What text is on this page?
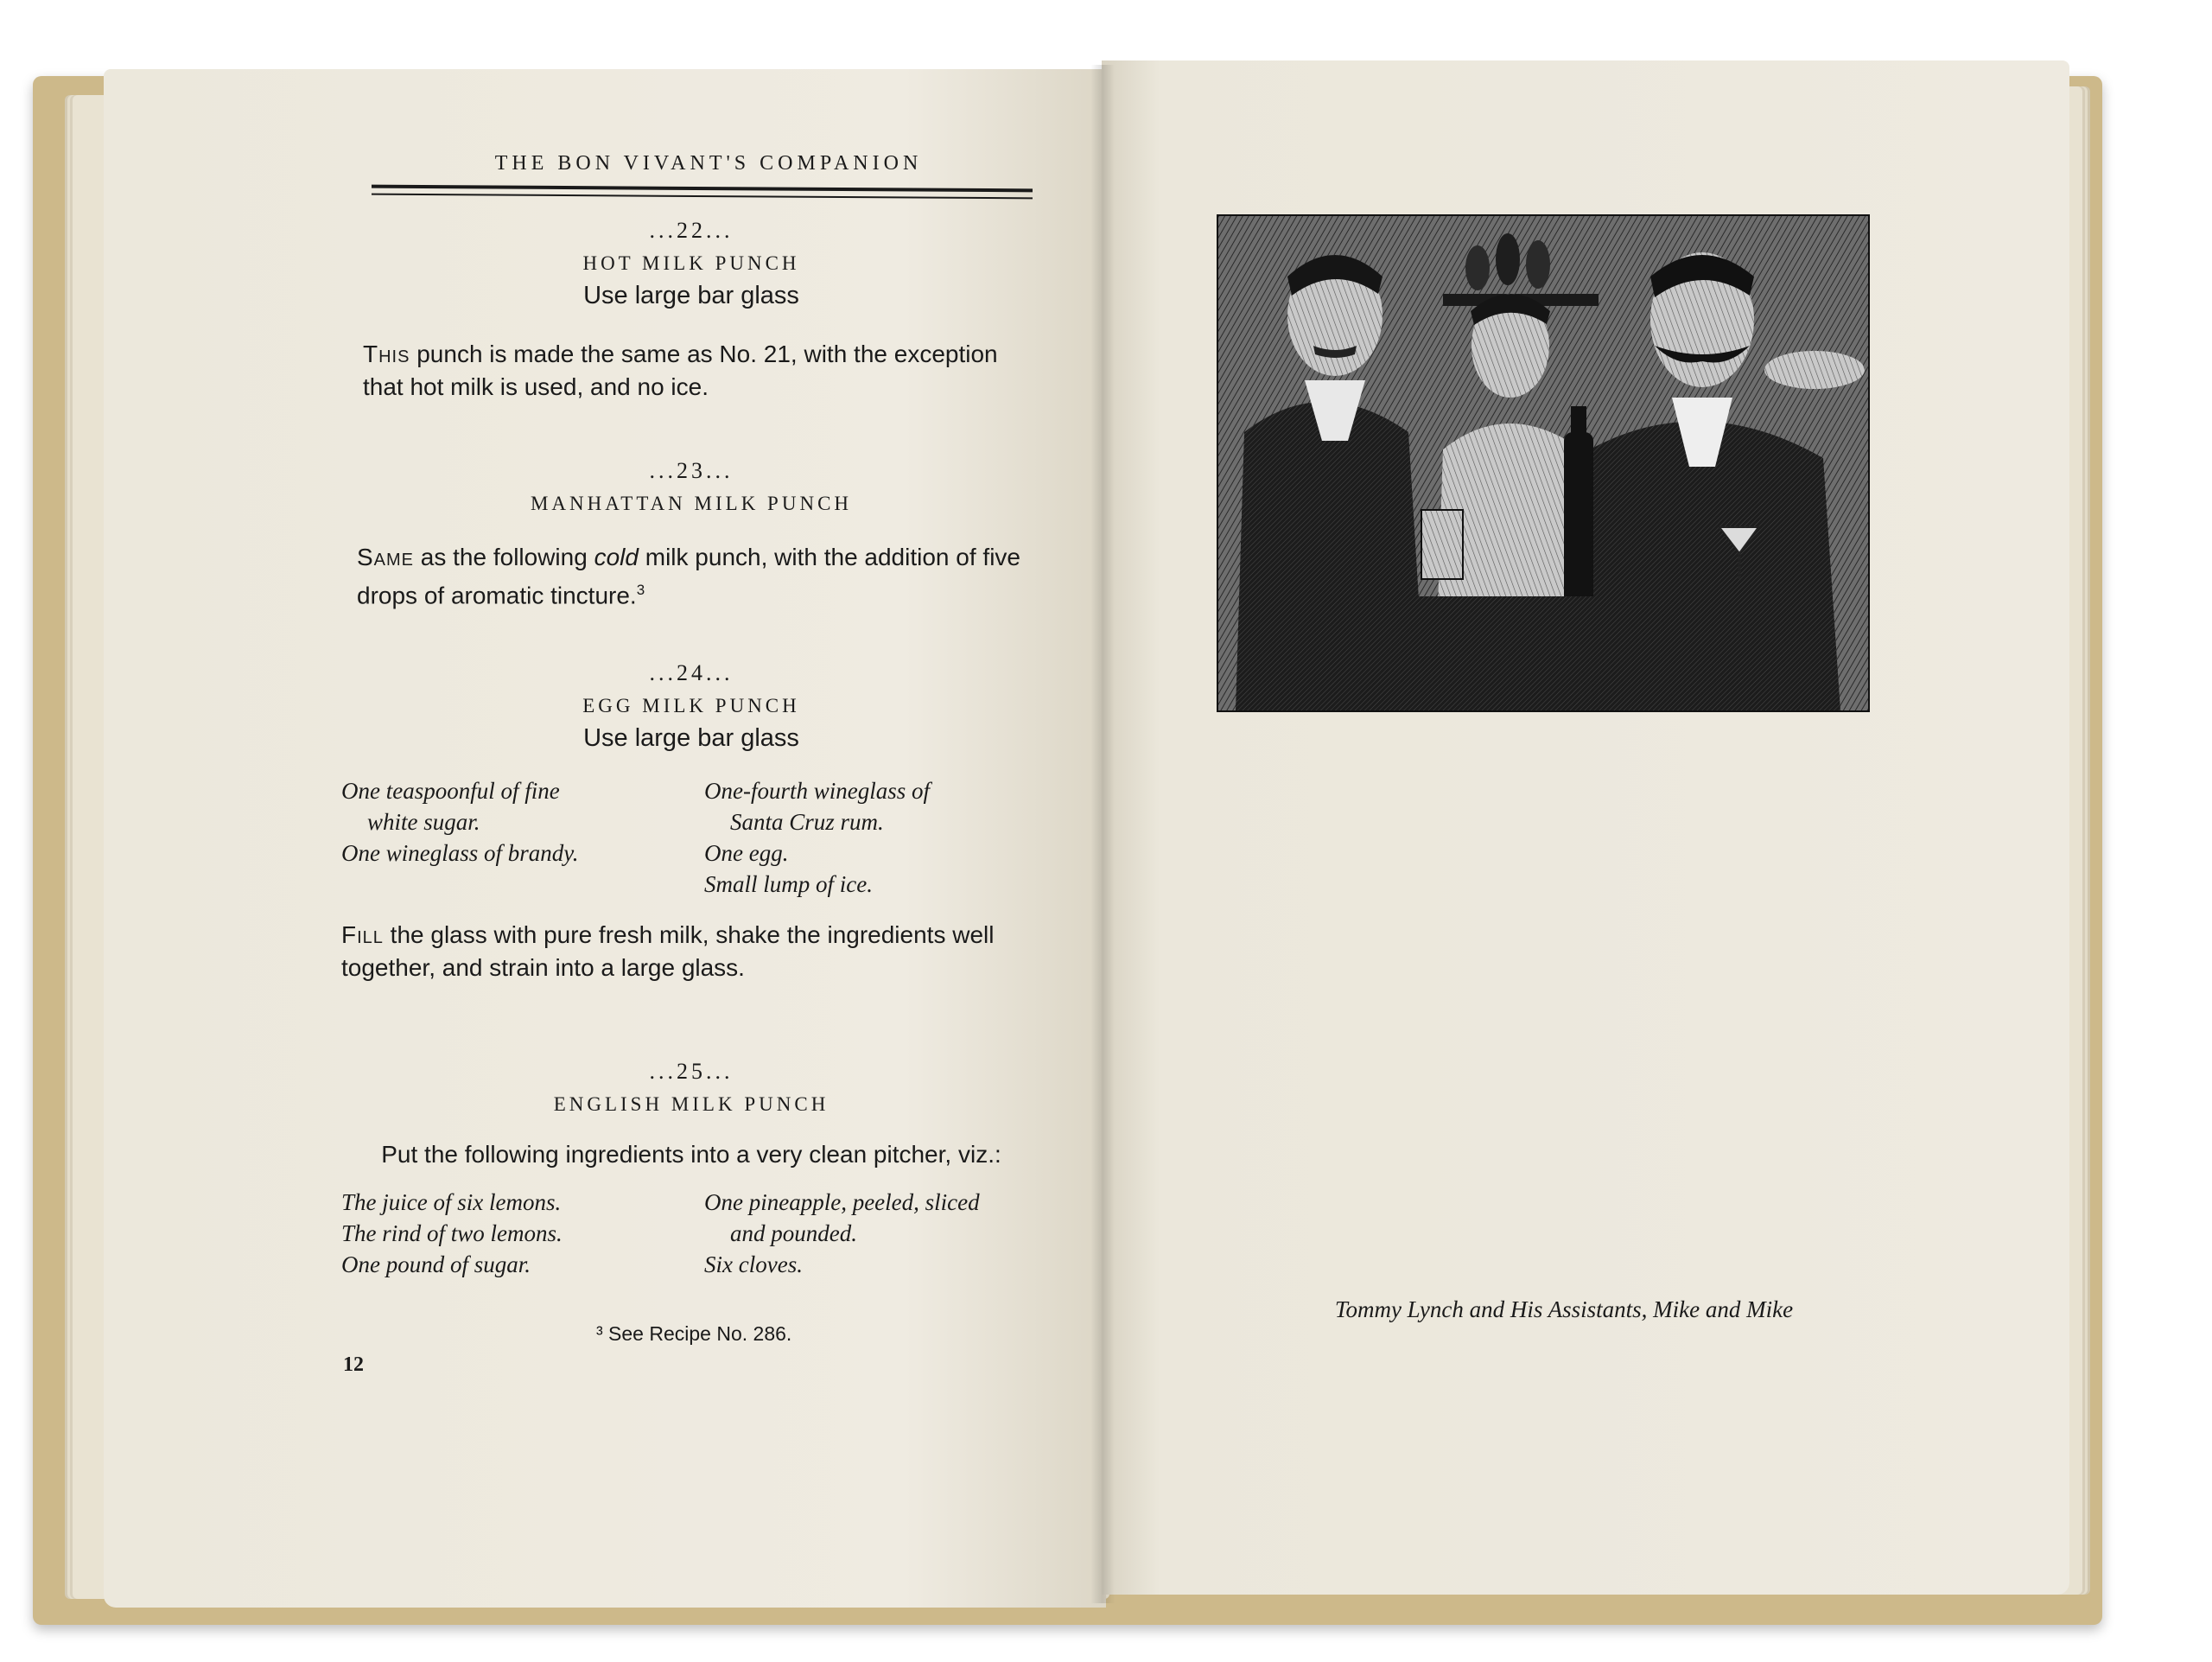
THE BON VIVANT'S COMPANION
...22...
HOT MILK PUNCH
Use large bar glass
This punch is made the same as No. 21, with the exception that hot milk is used, and no ice.
...23...
MANHATTAN MILK PUNCH
Same as the following cold milk punch, with the addition of five drops of aromatic tincture.$^3$
...24...
EGG MILK PUNCH
Use large bar glass
One teaspoonful of fine
white sugar.
One wineglass of brandy.
One-fourth wineglass of
Santa Cruz rum.
One egg.
Small lump of ice.
Fill the glass with pure fresh milk, shake the ingredients well together, and strain into a large glass.
...25...
ENGLISH MILK PUNCH
Put the following ingredients into a very clean pitcher, viz.:
The juice of six lemons.
The rind of two lemons.
One pound of sugar.
One pineapple, peeled, sliced
and pounded.
Six cloves.
³ See Recipe No. 286.
12
Tommy Lynch and His Assistants, Mike and Mike
